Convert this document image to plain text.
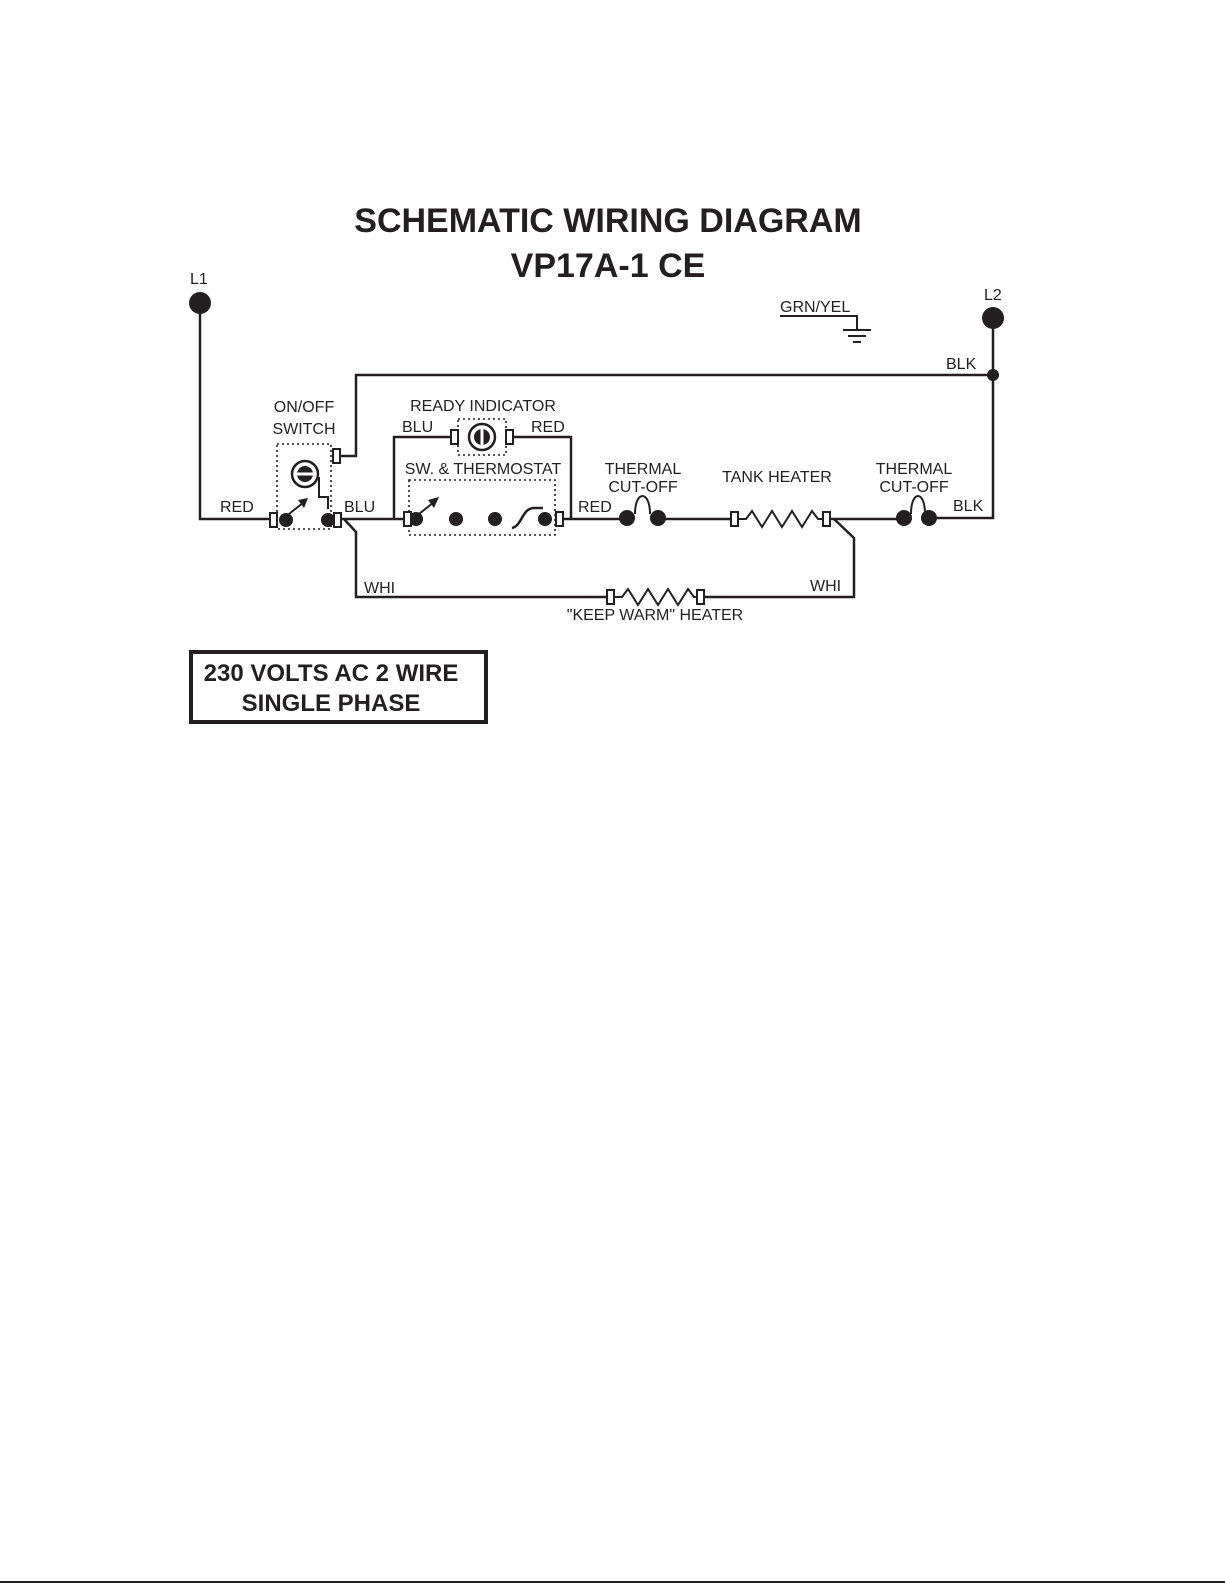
SCHEMATIC WIRING DIAGRAM
VP17A-1 CE
L1
L2
GRN/YEL
ON/OFF
SWITCH
READY INDICATOR
BLU	RED
SW. & THERMOSTAT
BLU
RED	RED
THERMAL
CUT-OFF
TANK HEATER	THERMAL
CUT-OFF
BLK
BLK
"KEEP WARM" HEATER
WHI	WHI
230 VOLTS AC 2 WIRE
SINGLE PHASE
